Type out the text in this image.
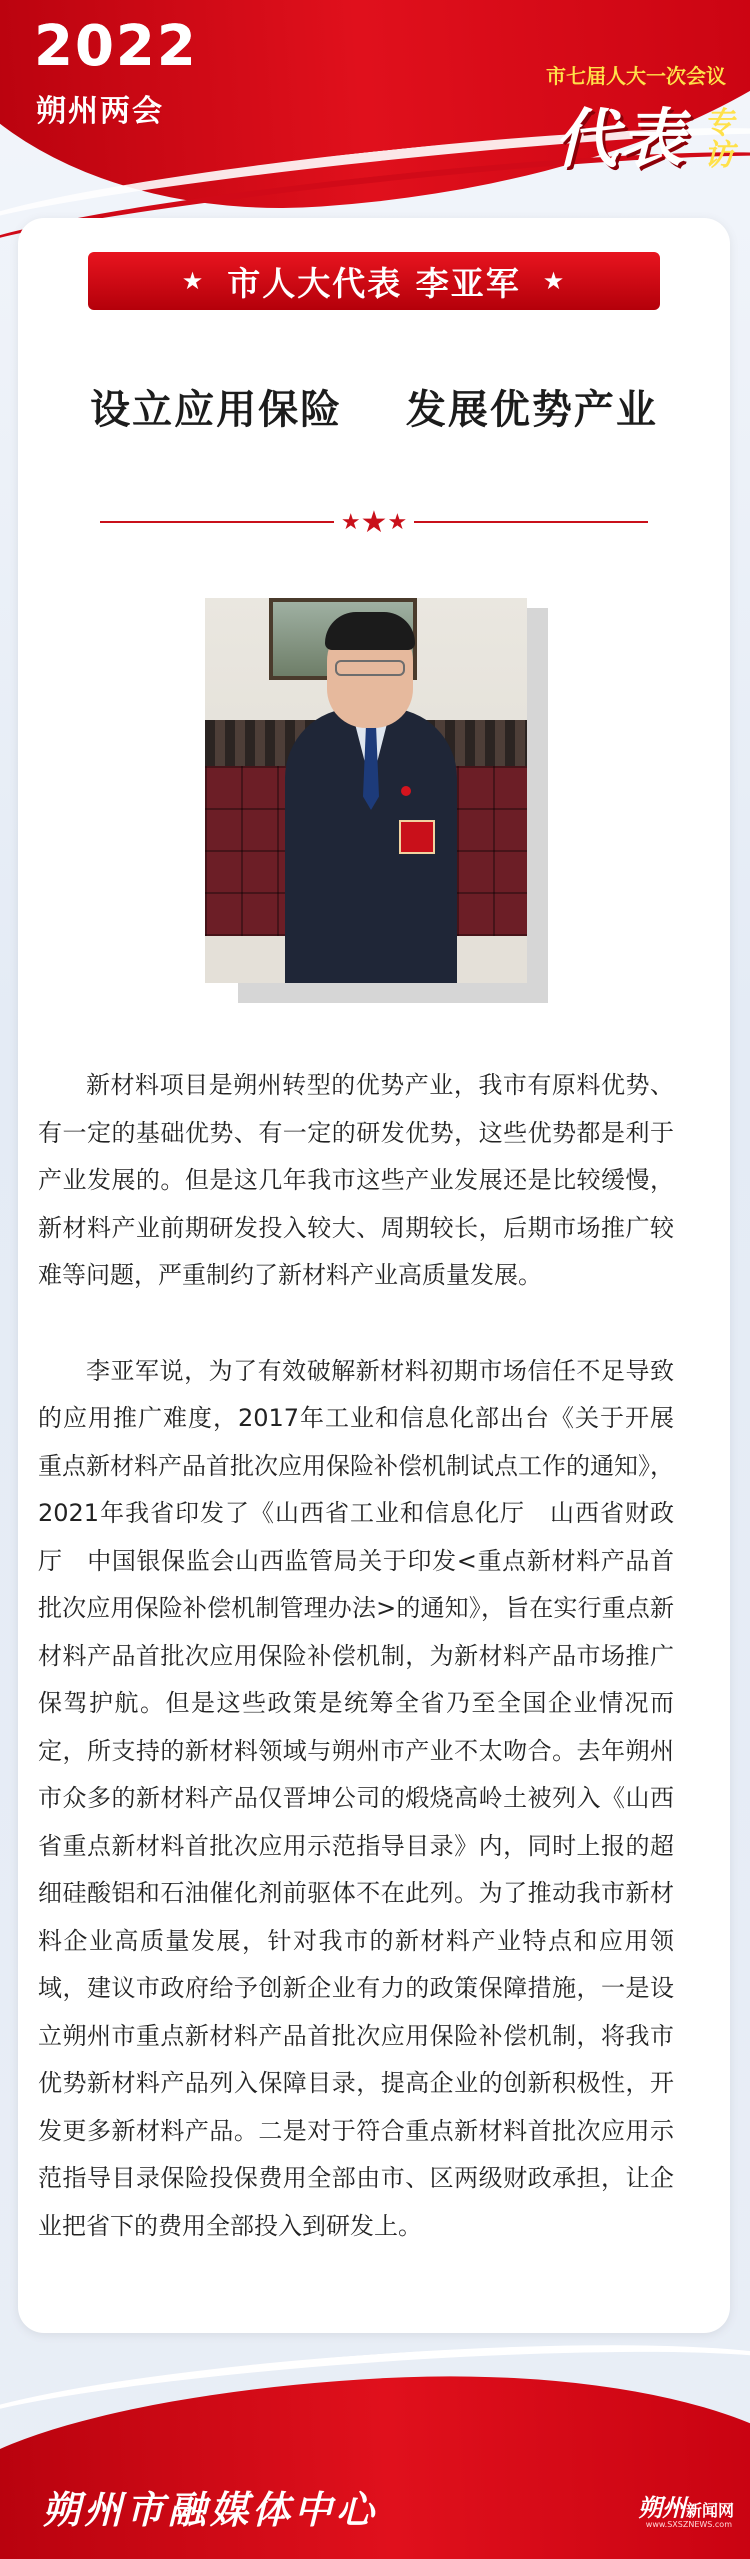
2022
朔州两会
市七届人大一次会议
代表 专访
★ 市人大代表 李亚军 ★
设立应用保险    发展优势产业
★★★

新材料项目是朔州转型的优势产业，我市有原料优势、有一定的基础优势、有一定的研发优势，这些优势都是利于产业发展的。但是这几年我市这些产业发展还是比较缓慢，新材料产业前期研发投入较大、周期较长，后期市场推广较难等问题，严重制约了新材料产业高质量发展。

李亚军说，为了有效破解新材料初期市场信任不足导致的应用推广难度，2017年工业和信息化部出台《关于开展重点新材料产品首批次应用保险补偿机制试点工作的通知》，2021年我省印发了《山西省工业和信息化厅　山西省财政厅　中国银保监会山西监管局关于印发<重点新材料产品首批次应用保险补偿机制管理办法>的通知》，旨在实行重点新材料产品首批次应用保险补偿机制，为新材料产品市场推广保驾护航。但是这些政策是统筹全省乃至全国企业情况而定，所支持的新材料领域与朔州市产业不太吻合。去年朔州市众多的新材料产品仅晋坤公司的煅烧高岭土被列入《山西省重点新材料首批次应用示范指导目录》内，同时上报的超细硅酸铝和石油催化剂前驱体不在此列。为了推动我市新材料企业高质量发展，针对我市的新材料产业特点和应用领域，建议市政府给予创新企业有力的政策保障措施，一是设立朔州市重点新材料产品首批次应用保险补偿机制，将我市优势新材料产品列入保障目录，提高企业的创新积极性，开发更多新材料产品。二是对于符合重点新材料首批次应用示范指导目录保险投保费用全部由市、区两级财政承担，让企业把省下的费用全部投入到研发上。

朔州市融媒体中心	朔州新闻网
www.SXSZNEWS.com
